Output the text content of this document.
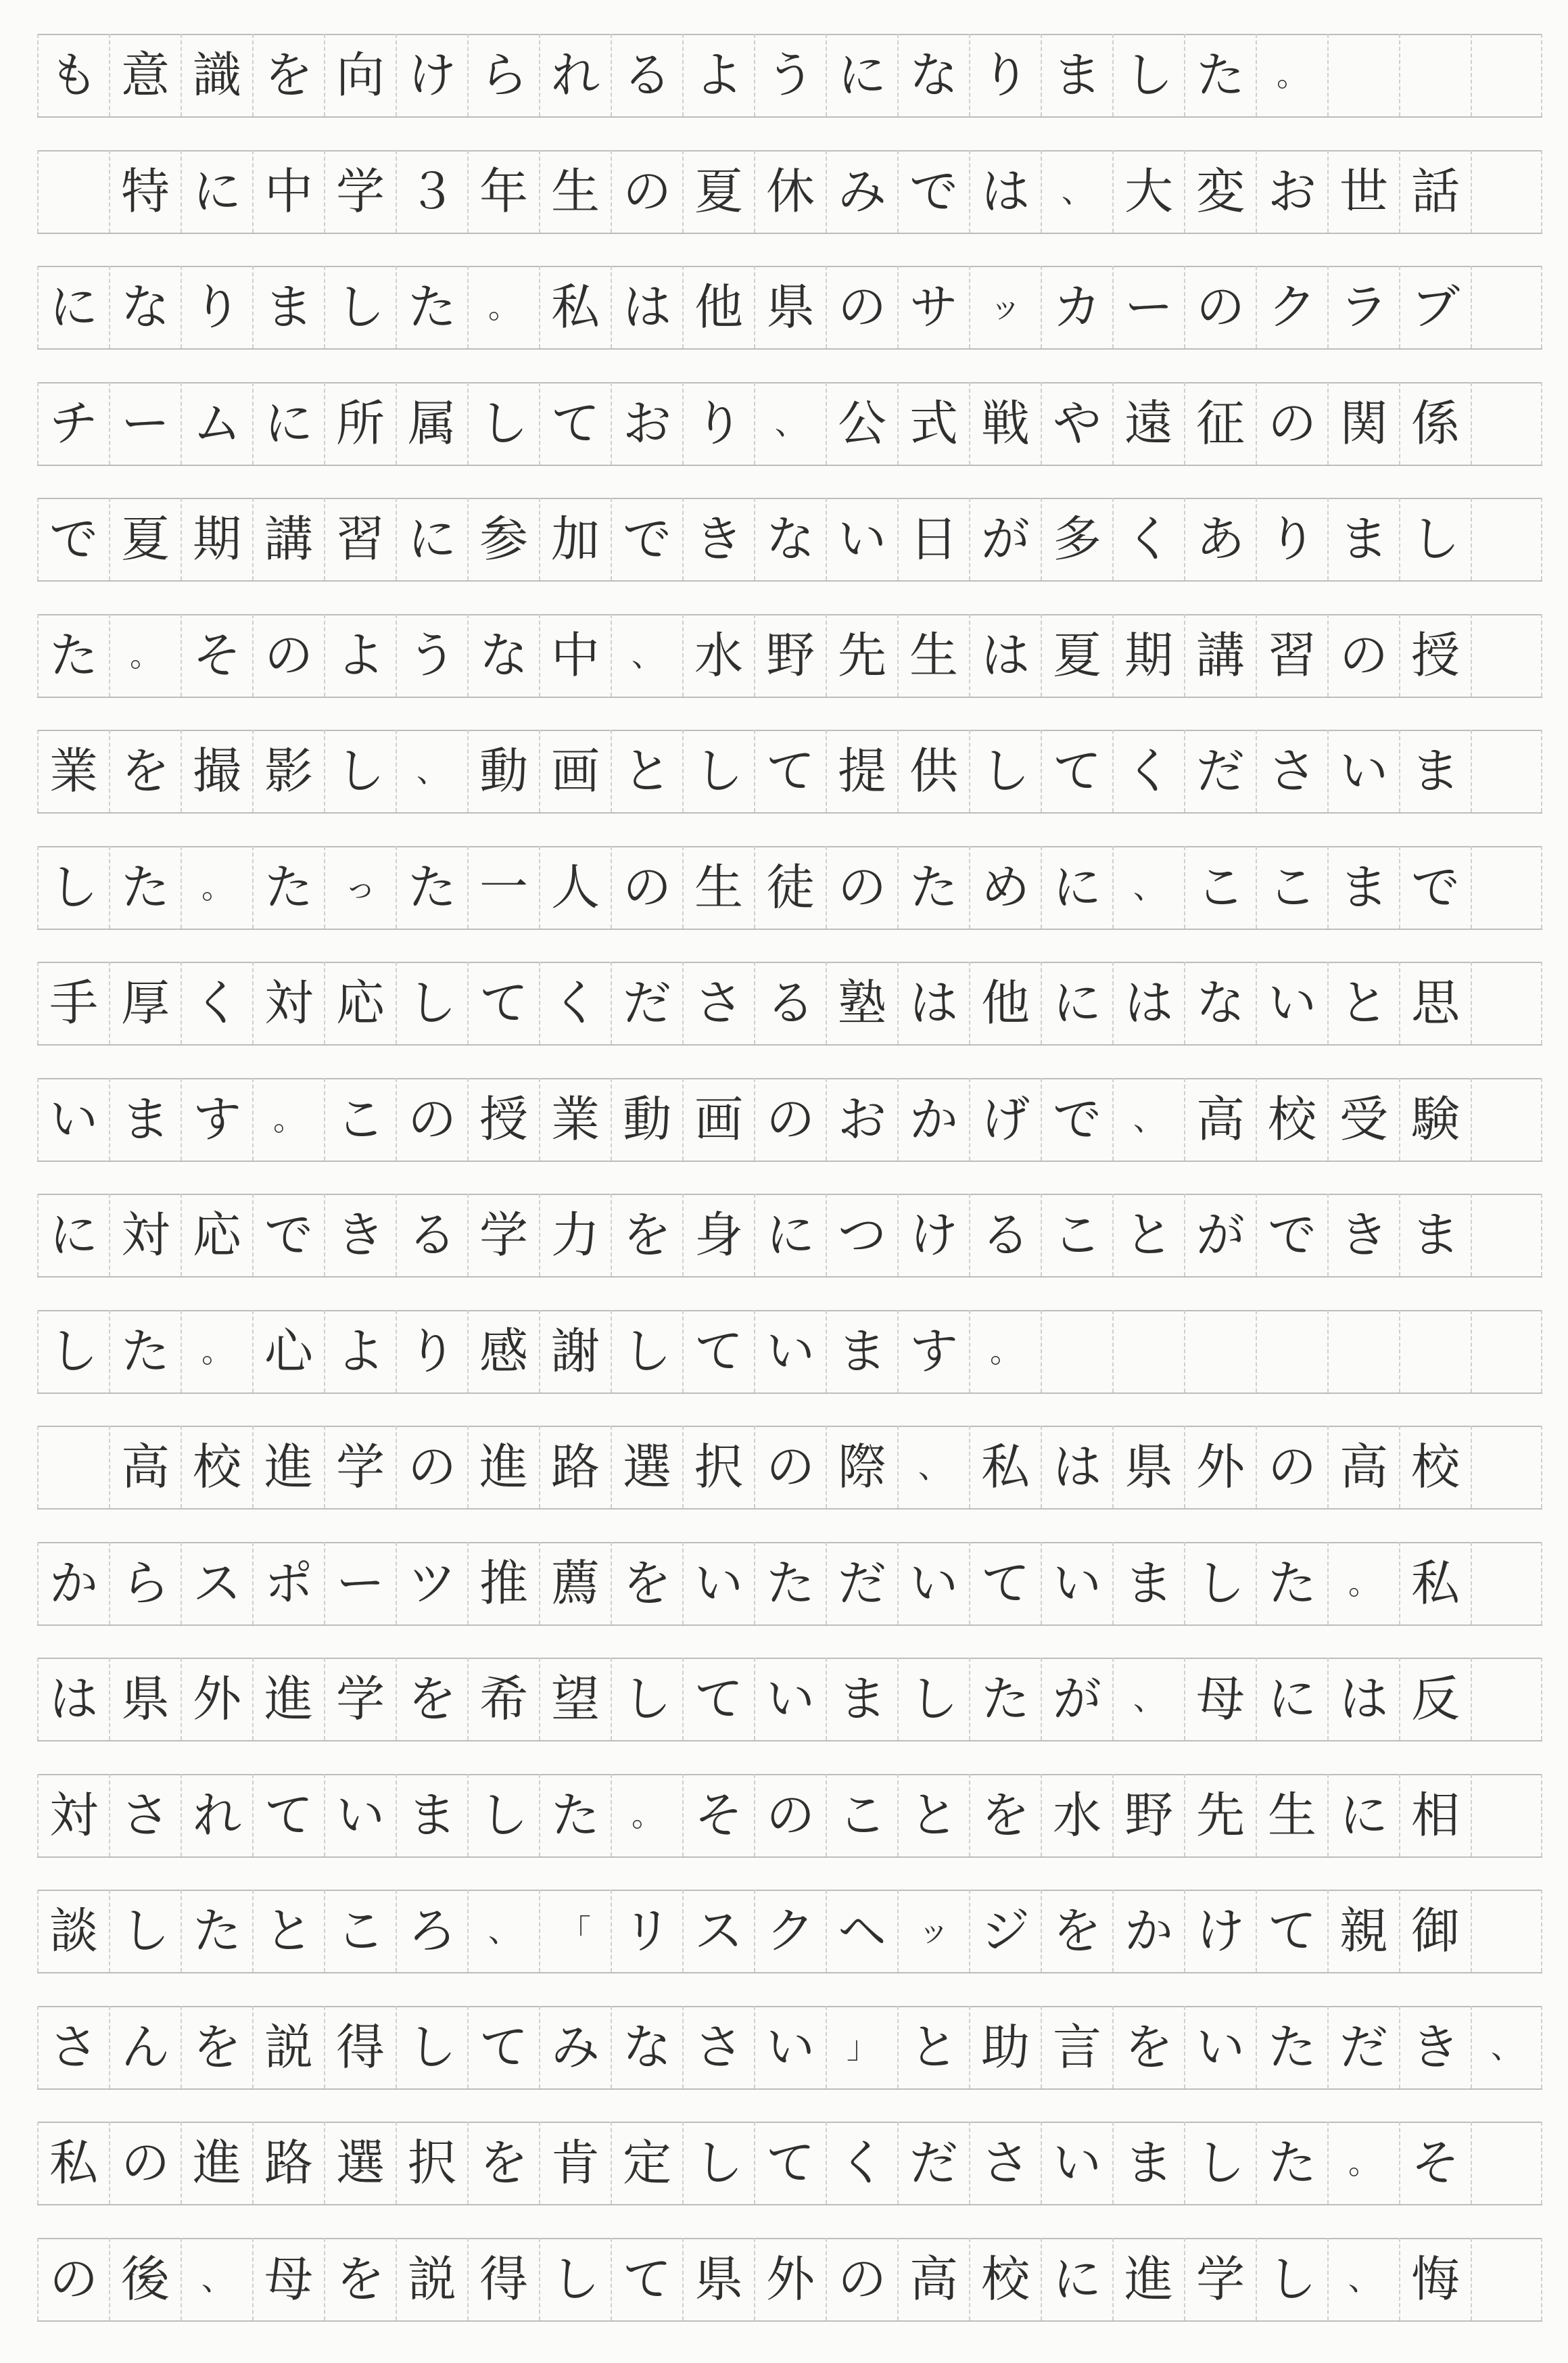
も 意 識 を 向 け ら れ る よ う に な り ま し た	。
特 に 中 学 ３ 年 生 の 夏 休 み で は	、 大 変 お 世 話
に な り ま し た	。 私 は 他 県 の サ	ッ カ ー の ク ラ ブ
チ ー ム に 所 属 し て お り	、 公 式 戦 や 遠 征 の 関 係
で 夏 期 講 習 に 参 加 で き な い 日 が 多 く あ り ま し
た	。 そ の よ う な 中	、 水 野 先 生 は 夏 期 講 習 の 授
業 を 撮 影 し	、 動 画 と し て 提 供 し て く だ さ い ま
し た	。 た	っ た 一 人 の 生 徒 の た め に	、 こ こ ま で
手 厚 く 対 応 し て く だ さ る 塾 は 他 に は な い と 思
い ま す	。 こ の 授 業 動 画 の お か げ で	、 高 校 受 験
に 対 応 で き る 学 力 を 身 に つ け る こ と が で き ま
し た	。 心 よ り 感 謝 し て い ま す	。
高 校 進 学 の 進 路 選 択 の 際	、 私 は 県 外 の 高 校
か ら ス ポ ー ツ 推 薦 を い た だ い て い ま し た	。 私
は 県 外 進 学 を 希 望 し て い ま し た が	、 母 に は 反
対 さ れ て い ま し た	。 そ の こ と を 水 野 先 生 に 相
談 し た と こ ろ	、	「 リ ス ク ヘ	ッ ジ を か け て 親 御
さ ん を 説 得 し て み な さ い	」 と 助 言 を い た だ き	、
私 の 進 路 選 択 を 肯 定 し て く だ さ い ま し た	。 そ
の 後	、 母 を 説 得 し て 県 外 の 高 校 に 進 学 し	、 悔
